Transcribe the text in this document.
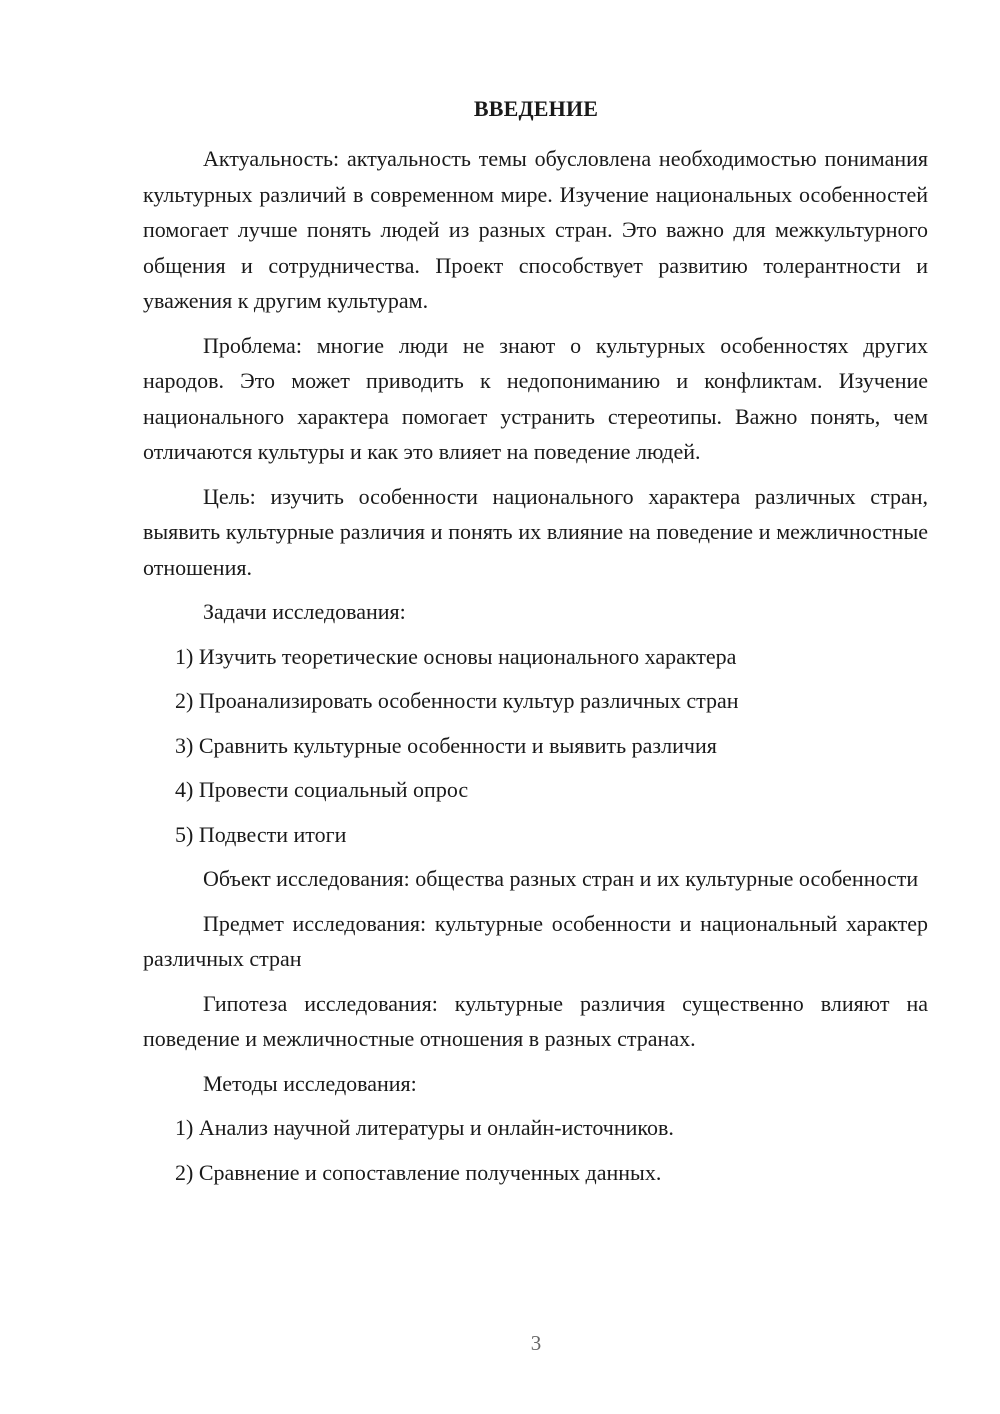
ВВЕДЕНИЕ

Актуальность: актуальность темы обусловлена необходимостью понимания культурных различий в современном мире. Изучение национальных особенностей помогает лучше понять людей из разных стран. Это важно для межкультурного общения и сотрудничества. Проект способствует развитию толерантности и уважения к другим культурам.

Проблема: многие люди не знают о культурных особенностях других народов. Это может приводить к недопониманию и конфликтам. Изучение национального характера помогает устранить стереотипы. Важно понять, чем отличаются культуры и как это влияет на поведение людей.

Цель: изучить особенности национального характера различных стран, выявить культурные различия и понять их влияние на поведение и межличностные отношения.

Задачи исследования:

1) Изучить теоретические основы национального характера

2) Проанализировать особенности культур различных стран

3) Сравнить культурные особенности и выявить различия

4) Провести социальный опрос

5) Подвести итоги

Объект исследования: общества разных стран и их культурные особенности

Предмет исследования: культурные особенности и национальный характер различных стран

Гипотеза исследования: культурные различия существенно влияют на поведение и межличностные отношения в разных странах.

Методы исследования:

1) Анализ научной литературы и онлайн-источников.

2) Сравнение и сопоставление полученных данных.

3
